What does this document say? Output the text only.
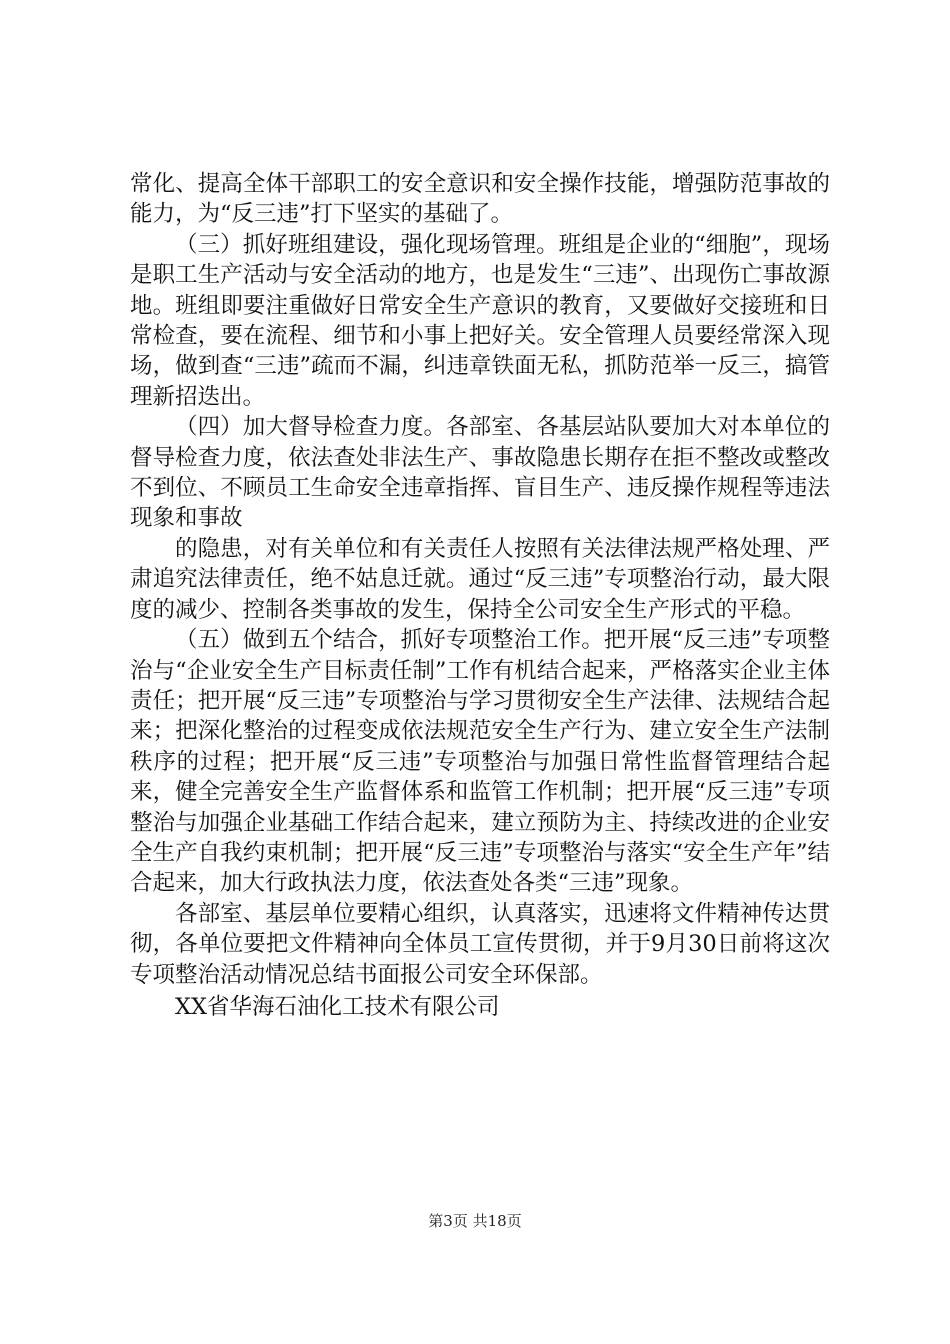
常化、提高全体干部职工的安全意识和安全操作技能，增强防范事故的能力，为“反三违”打下坚实的基础了。

（三）抓好班组建设，强化现场管理。班组是企业的“细胞”，现场是职工生产活动与安全活动的地方，也是发生“三违”、出现伤亡事故源地。班组即要注重做好日常安全生产意识的教育，又要做好交接班和日常检查，要在流程、细节和小事上把好关。安全管理人员要经常深入现场，做到查“三违”疏而不漏，纠违章铁面无私，抓防范举一反三，搞管理新招迭出。

（四）加大督导检查力度。各部室、各基层站队要加大对本单位的督导检查力度，依法查处非法生产、事故隐患长期存在拒不整改或整改不到位、不顾员工生命安全违章指挥、盲目生产、违反操作规程等违法现象和事故

的隐患，对有关单位和有关责任人按照有关法律法规严格处理、严肃追究法律责任，绝不姑息迁就。通过“反三违”专项整治行动，最大限度的减少、控制各类事故的发生，保持全公司安全生产形式的平稳。

（五）做到五个结合，抓好专项整治工作。把开展“反三违”专项整治与“企业安全生产目标责任制”工作有机结合起来，严格落实企业主体责任；把开展“反三违”专项整治与学习贯彻安全生产法律、法规结合起来；把深化整治的过程变成依法规范安全生产行为、建立安全生产法制秩序的过程；把开展“反三违”专项整治与加强日常性监督管理结合起来，健全完善安全生产监督体系和监管工作机制；把开展“反三违”专项整治与加强企业基础工作结合起来，建立预防为主、持续改进的企业安全生产自我约束机制；把开展“反三违”专项整治与落实“安全生产年”结合起来，加大行政执法力度，依法查处各类“三违”现象。

各部室、基层单位要精心组织，认真落实，迅速将文件精神传达贯彻，各单位要把文件精神向全体员工宣传贯彻，并于9月30日前将这次专项整治活动情况总结书面报公司安全环保部。

XX省华海石油化工技术有限公司

第3页 共18页
